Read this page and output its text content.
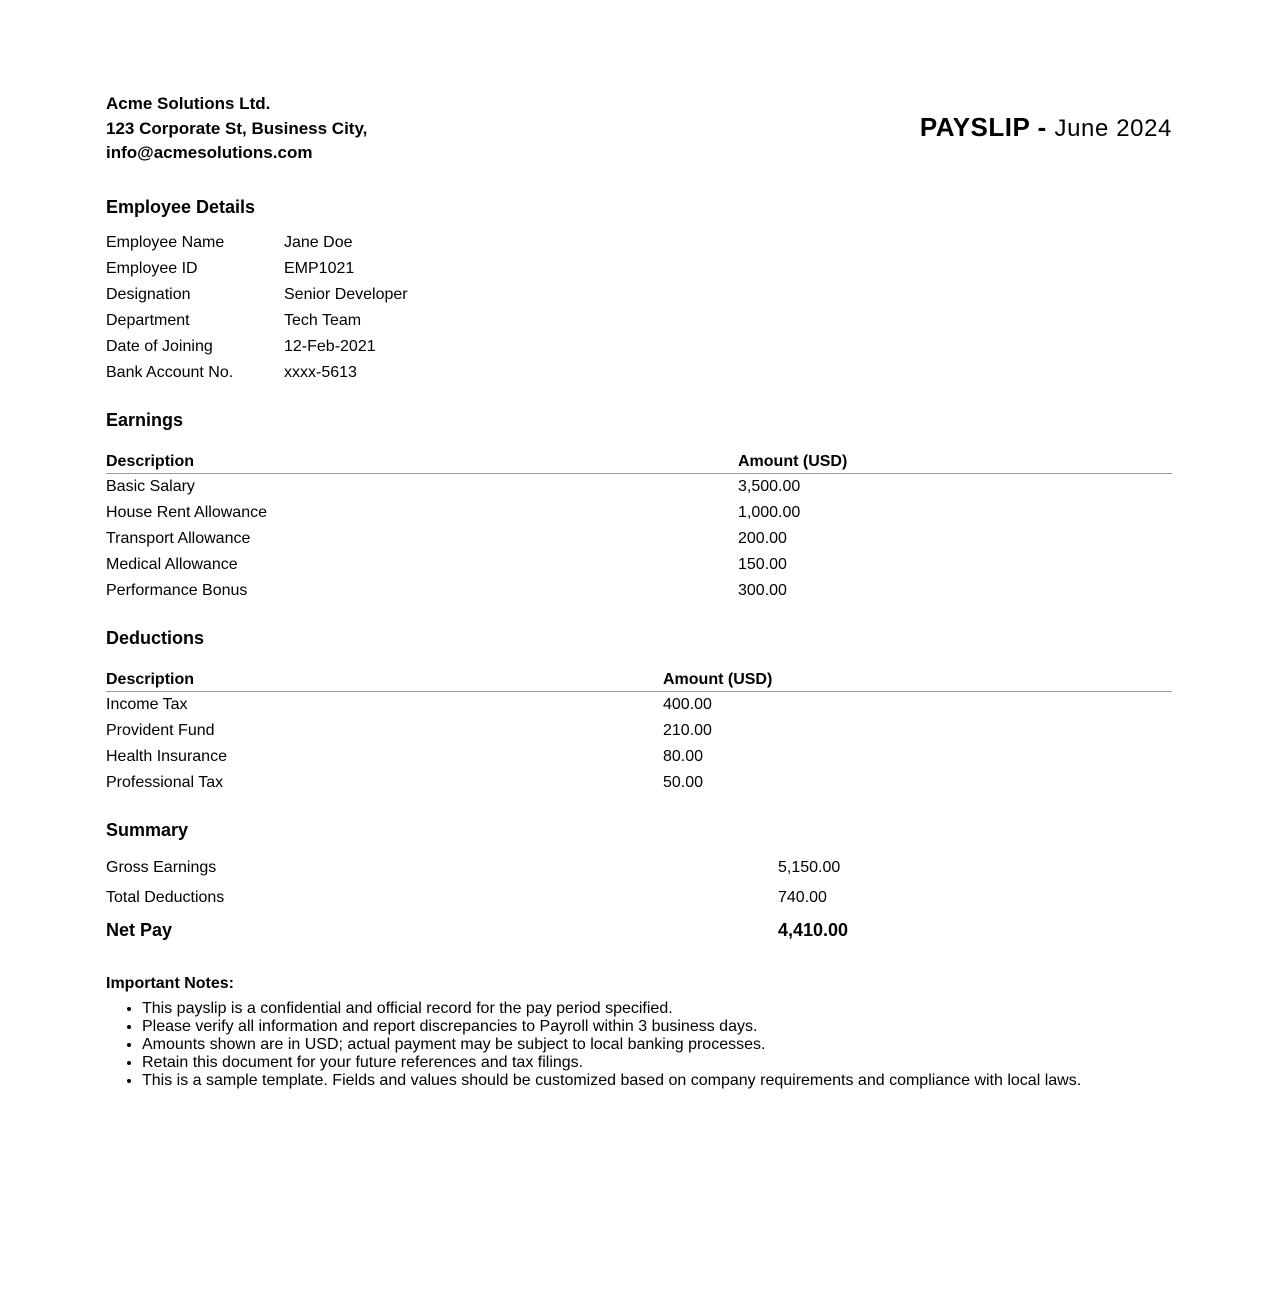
Acme Solutions Ltd.
123 Corporate St, Business City,
info@acmesolutions.com
PAYSLIP - June 2024
Employee Details
Employee Name	Jane Doe
Employee ID	EMP1021
Designation	Senior Developer
Department	Tech Team
Date of Joining	12-Feb-2021
Bank Account No.	xxxx-5613
Earnings
Description	Amount (USD)
Basic Salary	3,500.00
House Rent Allowance	1,000.00
Transport Allowance	200.00
Medical Allowance	150.00
Performance Bonus	300.00
Deductions
Description	Amount (USD)
Income Tax	400.00
Provident Fund	210.00
Health Insurance	80.00
Professional Tax	50.00
Summary
Gross Earnings	5,150.00
Total Deductions	740.00
Net Pay	4,410.00
Important Notes:
• This payslip is a confidential and official record for the pay period specified.
• Please verify all information and report discrepancies to Payroll within 3 business days.
• Amounts shown are in USD; actual payment may be subject to local banking processes.
• Retain this document for your future references and tax filings.
• This is a sample template. Fields and values should be customized based on company requirements and compliance with local laws.
